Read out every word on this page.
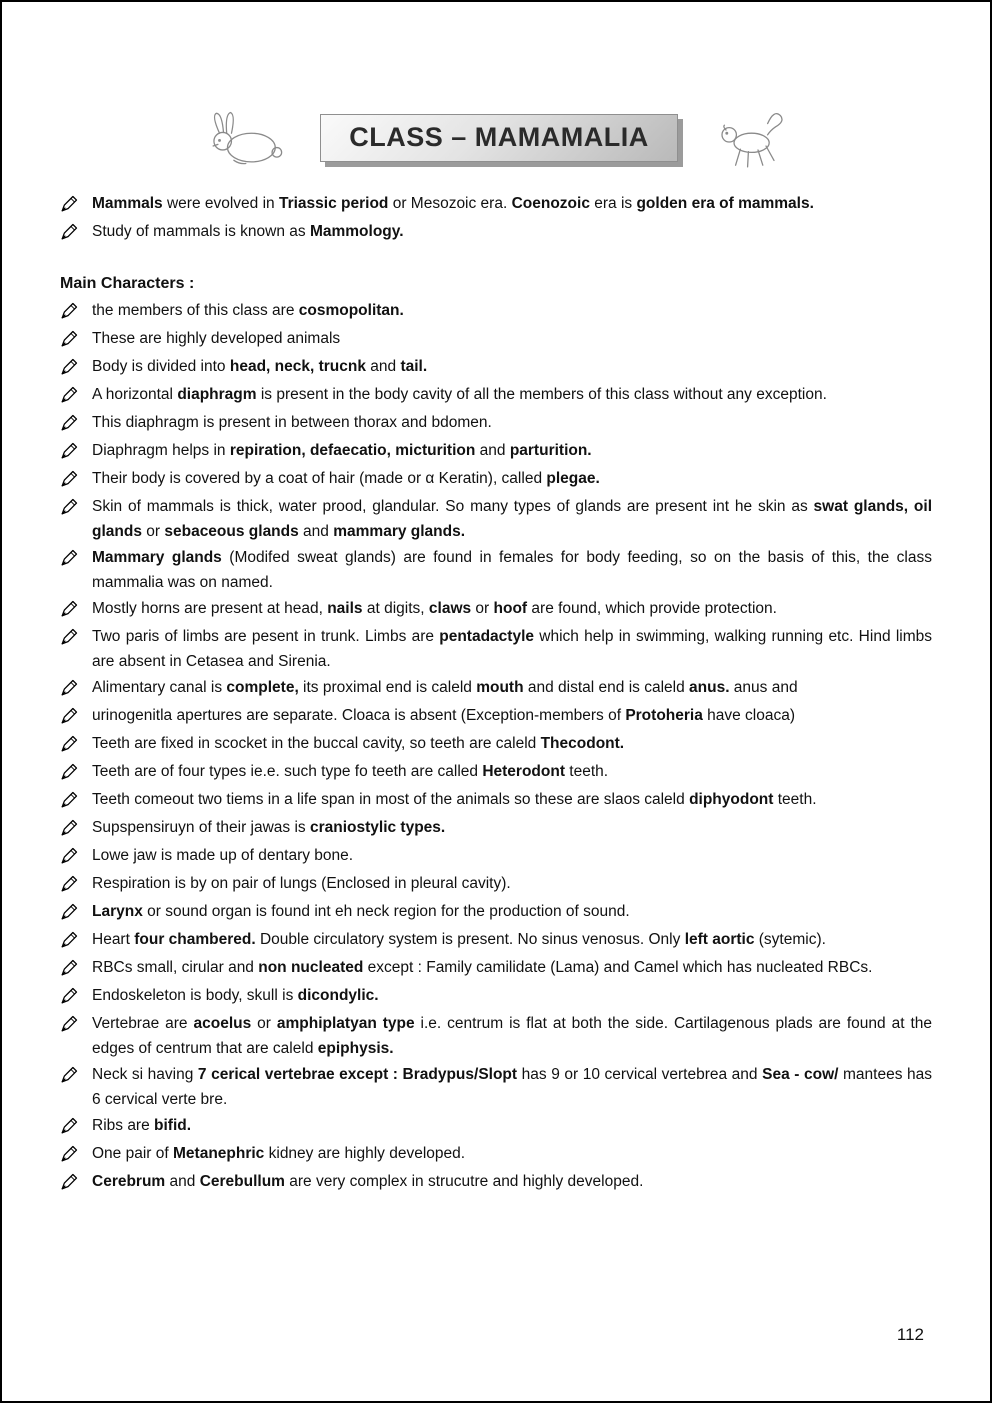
CLASS – MAMAMALIA
Mammals were evolved in Triassic period or Mesozoic era. Coenozoic era is golden era of mammals.
Study of mammals is known as Mammology.
Main Characters :
the members of this class are cosmopolitan.
These are highly developed animals
Body is divided into head, neck, trucnk and tail.
A horizontal diaphragm is present in the body cavity of all the members of this class without any exception.
This diaphragm is present in between thorax and bdomen.
Diaphragm helps in repiration, defaecatio, micturition and parturition.
Their body is covered by a coat of hair (made or α Keratin), called plegae.
Skin of mammals is thick, water prood, glandular. So many types of glands are present int he skin as swat glands, oil glands or sebaceous glands and mammary glands.
Mammary glands (Modifed sweat glands) are found in females for body feeding, so on the basis of this, the class mammalia was on named.
Mostly horns are present at head, nails at digits, claws or hoof are found, which provide protection.
Two paris of limbs are pesent in trunk. Limbs are pentadactyle which help in swimming, walking running etc. Hind limbs are absent in Cetasea and Sirenia.
Alimentary canal is complete, its proximal end is caleld mouth and distal end is caleld anus. anus and
urinogenitla apertures are separate. Cloaca is absent (Exception-members of Protoheria have cloaca)
Teeth are fixed in scocket in the buccal cavity, so teeth are caleld Thecodont.
Teeth are of four types ie.e. such type fo teeth are called Heterodont teeth.
Teeth comeout two tiems in a life span in most of the animals so these are slaos caleld diphyodont teeth.
Supspensiruyn of their jawas is craniostylic types.
Lowe jaw is made up of dentary bone.
Respiration is by on pair of lungs (Enclosed in pleural cavity).
Larynx or sound organ is found int eh neck region for the production of sound.
Heart four chambered. Double circulatory system is present. No sinus venosus. Only left aortic (sytemic).
RBCs small, cirular and non nucleated except : Family camilidate (Lama) and Camel which has nucleated RBCs.
Endoskeleton is body, skull is dicondylic.
Vertebrae are acoelus or amphiplatyan type i.e. centrum is flat at both the side. Cartilagenous plads are found at the edges of centrum that are caleld epiphysis.
Neck si having 7 cerical vertebrae except : Bradypus/Slopt has 9 or 10 cervical vertebrea and Sea - cow/ mantees has 6 cervical verte bre.
Ribs are bifid.
One pair of Metanephric kidney are highly developed.
Cerebrum and Cerebullum are very complex in strucutre and highly developed.
112
